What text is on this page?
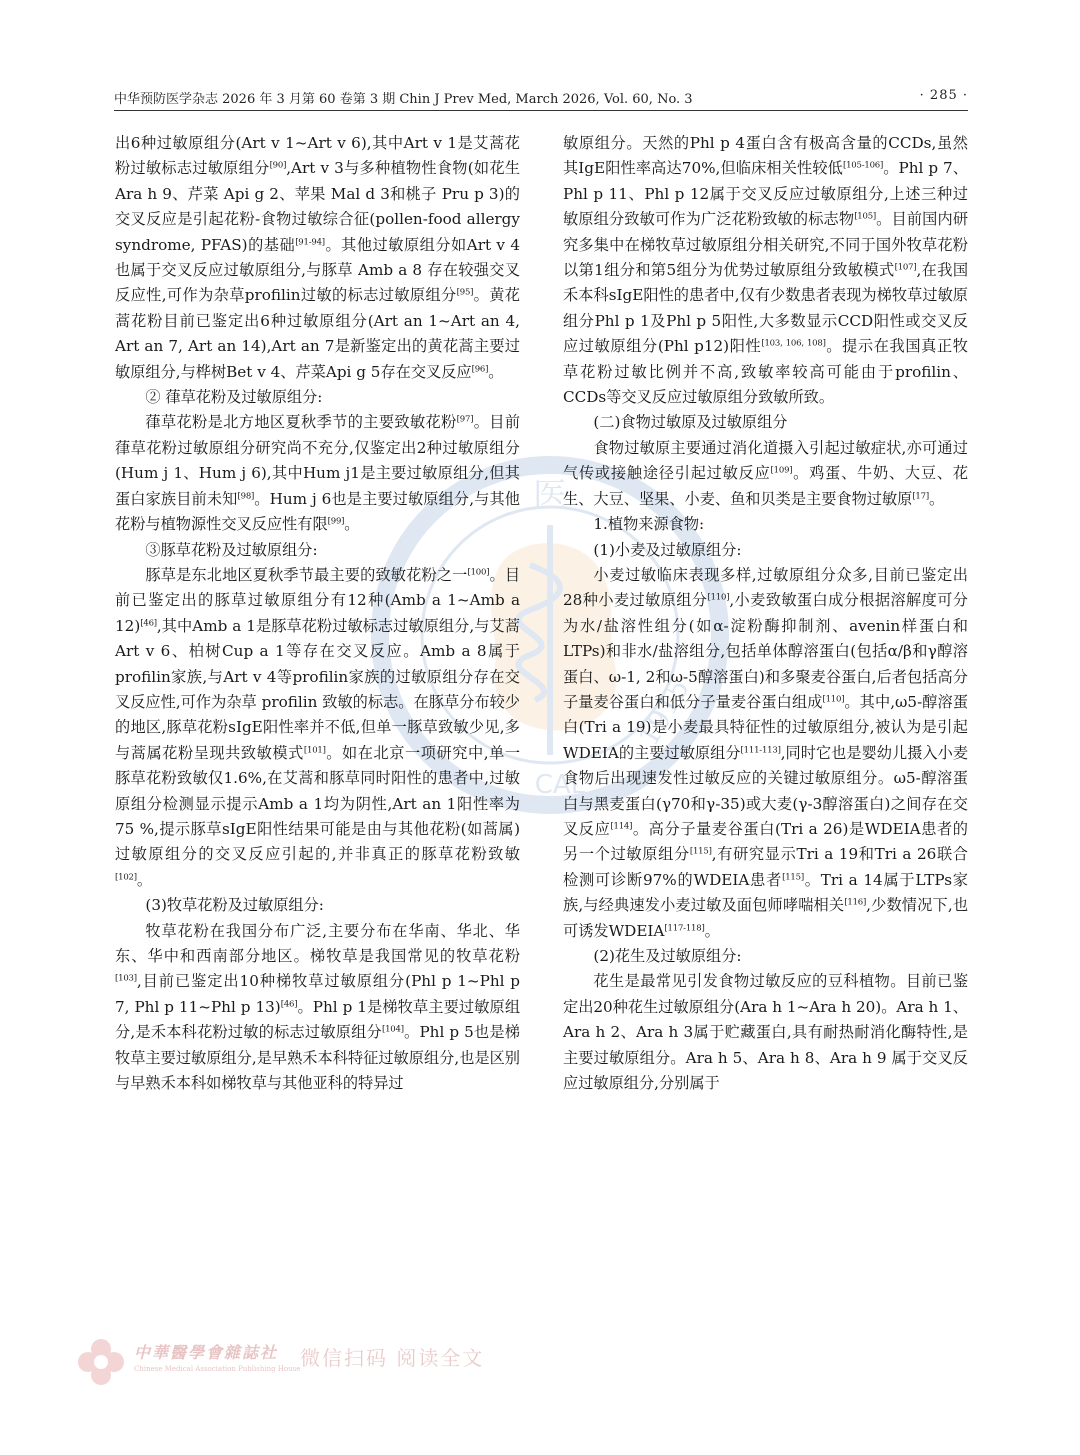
中华预防医学杂志 2026 年 3 月第 60 卷第 3 期 Chin J Prev Med, March 2026, Vol. 60, No. 3	· 285 ·
医
1915
CAL

出6种过敏原组分(Art v 1~Art v 6),其中Art v 1是艾蒿花粉过敏标志过敏原组分[90],Art v 3与多种植物性食物(如花生 Ara h 9、芹菜 Api g 2、苹果 Mal d 3和桃子 Pru p 3)的交叉反应是引起花粉-食物过敏综合征(pollen-food allergy syndrome, PFAS)的基础[91-94]。其他过敏原组分如Art v 4也属于交叉反应过敏原组分,与豚草 Amb a 8 存在较强交叉反应性,可作为杂草profilin过敏的标志过敏原组分[95]。黄花蒿花粉目前已鉴定出6种过敏原组分(Art an 1~Art an 4, Art an 7, Art an 14),Art an 7是新鉴定出的黄花蒿主要过敏原组分,与桦树Bet v 4、芹菜Api g 5存在交叉反应[96]。

② 葎草花粉及过敏原组分:

葎草花粉是北方地区夏秋季节的主要致敏花粉[97]。目前葎草花粉过敏原组分研究尚不充分,仅鉴定出2种过敏原组分(Hum j 1、Hum j 6),其中Hum j1是主要过敏原组分,但其蛋白家族目前未知[98]。Hum j 6也是主要过敏原组分,与其他花粉与植物源性交叉反应性有限[99]。

③豚草花粉及过敏原组分:

豚草是东北地区夏秋季节最主要的致敏花粉之一[100]。目前已鉴定出的豚草过敏原组分有12种(Amb a 1~Amb a 12)[46],其中Amb a 1是豚草花粉过敏标志过敏原组分,与艾蒿Art v 6、柏树Cup a 1等存在交叉反应。Amb a 8属于profilin家族,与Art v 4等profilin家族的过敏原组分存在交叉反应性,可作为杂草 profilin 致敏的标志。在豚草分布较少的地区,豚草花粉sIgE阳性率并不低,但单一豚草致敏少见,多与蒿属花粉呈现共致敏模式[101]。如在北京一项研究中,单一豚草花粉致敏仅1.6%,在艾蒿和豚草同时阳性的患者中,过敏原组分检测显示提示Amb a 1均为阴性,Art an 1阳性率为75 %,提示豚草sIgE阳性结果可能是由与其他花粉(如蒿属)过敏原组分的交叉反应引起的,并非真正的豚草花粉致敏[102]。

(3)牧草花粉及过敏原组分:

牧草花粉在我国分布广泛,主要分布在华南、华北、华东、华中和西南部分地区。梯牧草是我国常见的牧草花粉[103],目前已鉴定出10种梯牧草过敏原组分(Phl p 1~Phl p 7, Phl p 11~Phl p 13)[46]。Phl p 1是梯牧草主要过敏原组分,是禾本科花粉过敏的标志过敏原组分[104]。Phl p 5也是梯牧草主要过敏原组分,是早熟禾本科特征过敏原组分,也是区别与早熟禾本科如梯牧草与其他亚科的特异过

敏原组分。天然的Phl p 4蛋白含有极高含量的CCDs,虽然其IgE阳性率高达70%,但临床相关性较低[105-106]。Phl p 7、Phl p 11、Phl p 12属于交叉反应过敏原组分,上述三种过敏原组分致敏可作为广泛花粉致敏的标志物[105]。目前国内研究多集中在梯牧草过敏原组分相关研究,不同于国外牧草花粉以第1组分和第5组分为优势过敏原组分致敏模式[107],在我国禾本科sIgE阳性的患者中,仅有少数患者表现为梯牧草过敏原组分Phl p 1及Phl p 5阳性,大多数显示CCD阳性或交叉反应过敏原组分(Phl p12)阳性[103, 106, 108]。提示在我国真正牧草花粉过敏比例并不高,致敏率较高可能由于profilin、CCDs等交叉反应过敏原组分致敏所致。

(二)食物过敏原及过敏原组分

食物过敏原主要通过消化道摄入引起过敏症状,亦可通过气传或接触途径引起过敏反应[109]。鸡蛋、牛奶、大豆、花生、大豆、坚果、小麦、鱼和贝类是主要食物过敏原[17]。

1.植物来源食物:

(1)小麦及过敏原组分:

小麦过敏临床表现多样,过敏原组分众多,目前已鉴定出28种小麦过敏原组分[110],小麦致敏蛋白成分根据溶解度可分为水/盐溶性组分(如α-淀粉酶抑制剂、avenin样蛋白和LTPs)和非水/盐溶组分,包括单体醇溶蛋白(包括α/β和γ醇溶蛋白、ω-1, 2和ω-5醇溶蛋白)和多聚麦谷蛋白,后者包括高分子量麦谷蛋白和低分子量麦谷蛋白组成[110]。其中,ω5-醇溶蛋白(Tri a 19)是小麦最具特征性的过敏原组分,被认为是引起WDEIA的主要过敏原组分[111-113],同时它也是婴幼儿摄入小麦食物后出现速发性过敏反应的关键过敏原组分。ω5-醇溶蛋白与黑麦蛋白(γ70和γ-35)或大麦(γ-3醇溶蛋白)之间存在交叉反应[114]。高分子量麦谷蛋白(Tri a 26)是WDEIA患者的另一个过敏原组分[115],有研究显示Tri a 19和Tri a 26联合检测可诊断97%的WDEIA患者[115]。Tri a 14属于LTPs家族,与经典速发小麦过敏及面包师哮喘相关[116],少数情况下,也可诱发WDEIA[117-118]。

(2)花生及过敏原组分:

花生是最常见引发食物过敏反应的豆科植物。目前已鉴定出20种花生过敏原组分(Ara h 1~Ara h 20)。Ara h 1、Ara h 2、Ara h 3属于贮藏蛋白,具有耐热耐消化酶特性,是主要过敏原组分。Ara h 5、Ara h 8、Ara h 9 属于交叉反应过敏原组分,分别属于

中華醫學會雜誌社
Chinese Medical Association Publishing House 微信扫码 阅读全文
